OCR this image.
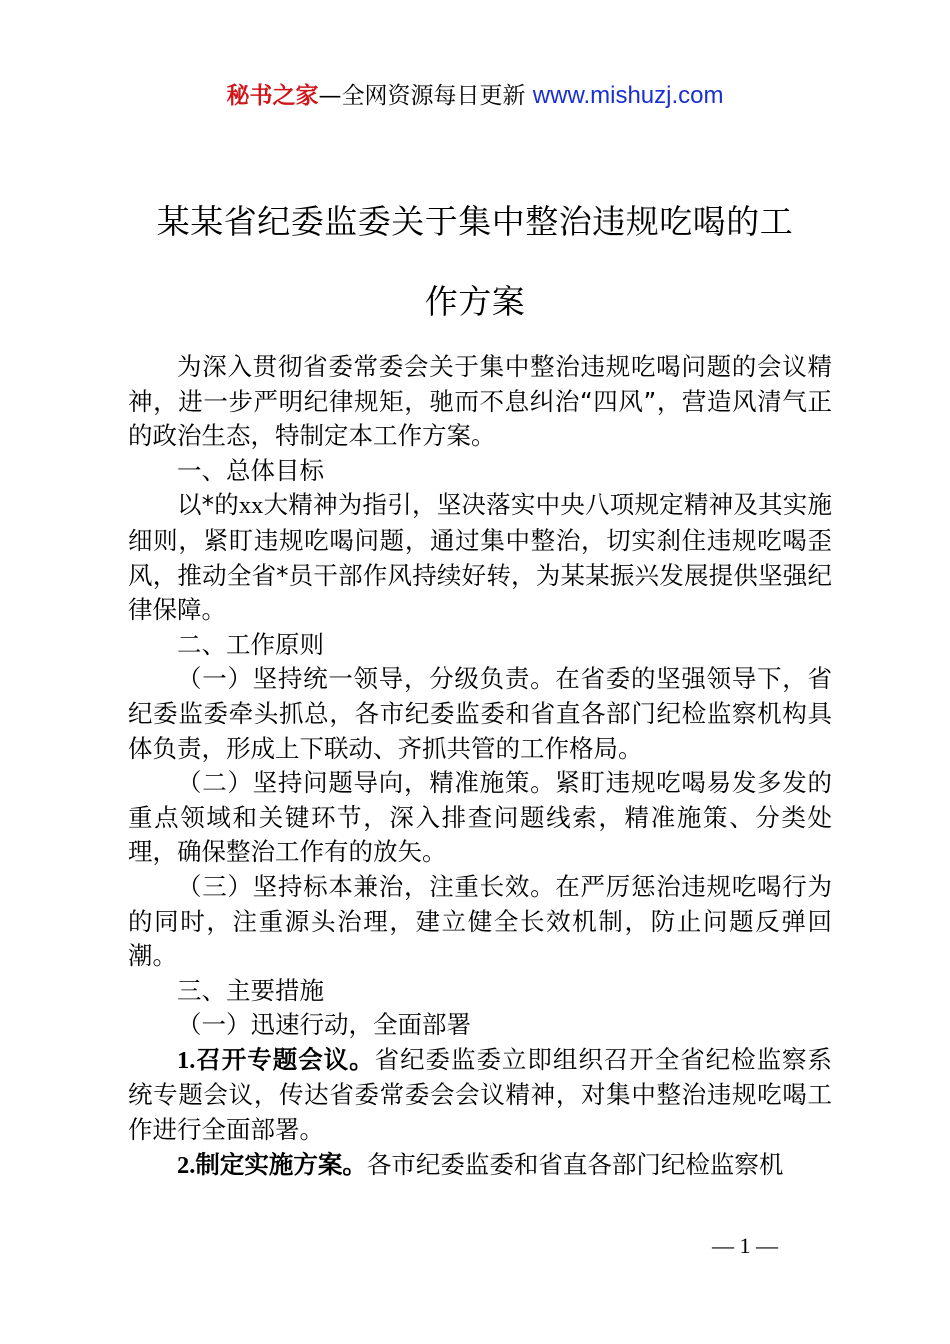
秘书之家—全网资源每日更新 www.mishuzj.com
某某省纪委监委关于集中整治违规吃喝的工
作方案

为深入贯彻省委常委会关于集中整治违规吃喝问题的会议精神，进一步严明纪律规矩，驰而不息纠治“四风”，营造风清气正的政治生态，特制定本工作方案。

一、总体目标

以*的xx大精神为指引，坚决落实中央八项规定精神及其实施细则，紧盯违规吃喝问题，通过集中整治，切实刹住违规吃喝歪风，推动全省*员干部作风持续好转，为某某振兴发展提供坚强纪律保障。

二、工作原则

（一）坚持统一领导，分级负责。在省委的坚强领导下，省纪委监委牵头抓总，各市纪委监委和省直各部门纪检监察机构具体负责，形成上下联动、齐抓共管的工作格局。

（二）坚持问题导向，精准施策。紧盯违规吃喝易发多发的重点领域和关键环节，深入排查问题线索，精准施策、分类处理，确保整治工作有的放矢。

（三）坚持标本兼治，注重长效。在严厉惩治违规吃喝行为的同时，注重源头治理，建立健全长效机制，防止问题反弹回潮。

三、主要措施

（一）迅速行动，全面部署

1.召开专题会议。省纪委监委立即组织召开全省纪检监察系统专题会议，传达省委常委会会议精神，对集中整治违规吃喝工作进行全面部署。

2.制定实施方案。各市纪委监委和省直各部门纪检监察机

— 1 —
